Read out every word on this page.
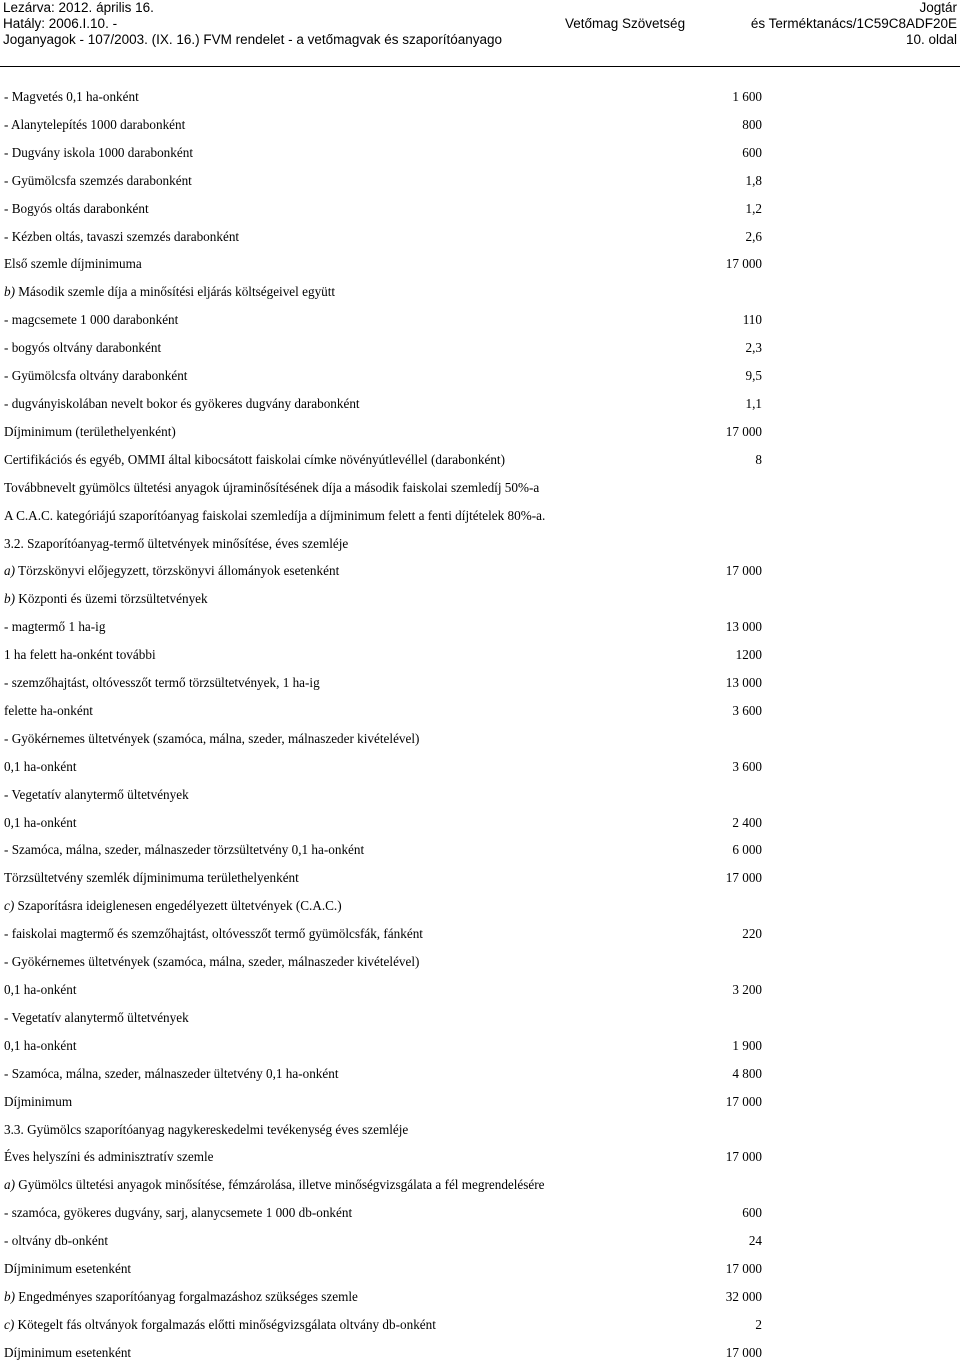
Lezárva: 2012. április 16.
Hatály: 2006.I.10. -
Joganyagok - 107/2003. (IX. 16.) FVM rendelet - a vetőmagvak és szaporítóanyago
Vetőmag Szövetség
Jogtár
és Terméktanács/1C59C8ADF20E
10. oldal
- Magvetés 0,1 ha-onként	1 600
- Alanytelepítés 1000 darabonként	800
- Dugvány iskola 1000 darabonként	600
- Gyümölcsfa szemzés darabonként	1,8
- Bogyós oltás darabonként	1,2
- Kézben oltás, tavaszi szemzés darabonként	2,6
Első szemle díjminimuma	17 000
b) Második szemle díja a minősítési eljárás költségeivel együtt
- magcsemete 1 000 darabonként	110
- bogyós oltvány darabonként	2,3
- Gyümölcsfa oltvány darabonként	9,5
- dugványiskolában nevelt bokor és gyökeres dugvány darabonként	1,1
Díjminimum (területhelyenként)	17 000
Certifikációs és egyéb, OMMI által kibocsátott faiskolai címke növényútlevéllel (darabonként)	8
Továbbnevelt gyümölcs ültetési anyagok újraminősítésének díja a második faiskolai szemledíj 50%-a
A C.A.C. kategóriájú szaporítóanyag faiskolai szemledíja a díjminimum felett a fenti díjtételek 80%-a.
3.2. Szaporítóanyag-termő ültetvények minősítése, éves szemléje
a) Törzskönyvi előjegyzett, törzskönyvi állományok esetenként	17 000
b) Központi és üzemi törzsültetvények
- magtermő 1 ha-ig	13 000
1 ha felett ha-onként további	1200
- szemzőhajtást, oltóvesszőt termő törzsültetvények, 1 ha-ig	13 000
felette ha-onként	3 600
- Gyökérnemes ültetvények (szamóca, málna, szeder, málnaszeder kivételével)
0,1 ha-onként	3 600
- Vegetatív alanytermő ültetvények
0,1 ha-onként	2 400
- Szamóca, málna, szeder, málnaszeder törzsültetvény 0,1 ha-onként	6 000
Törzsültetvény szemlék díjminimuma területhelyenként	17 000
c) Szaporításra ideiglenesen engedélyezett ültetvények (C.A.C.)
- faiskolai magtermő és szemzőhajtást, oltóvesszőt termő gyümölcsfák, fánként	220
- Gyökérnemes ültetvények (szamóca, málna, szeder, málnaszeder kivételével)
0,1 ha-onként	3 200
- Vegetatív alanytermő ültetvények
0,1 ha-onként	1 900
- Szamóca, málna, szeder, málnaszeder ültetvény 0,1 ha-onként	4 800
Díjminimum	17 000
3.3. Gyümölcs szaporítóanyag nagykereskedelmi tevékenység éves szemléje
Éves helyszíni és adminisztratív szemle	17 000
a) Gyümölcs ültetési anyagok minősítése, fémzárolása, illetve minőségvizsgálata a fél megrendelésére
- szamóca, gyökeres dugvány, sarj, alanycsemete 1 000 db-onként	600
- oltvány db-onként	24
Díjminimum esetenként	17 000
b) Engedményes szaporítóanyag forgalmazáshoz szükséges szemle	32 000
c) Kötegelt fás oltványok forgalmazás előtti minőségvizsgálata oltvány db-onként	2
Díjminimum esetenként	17 000
